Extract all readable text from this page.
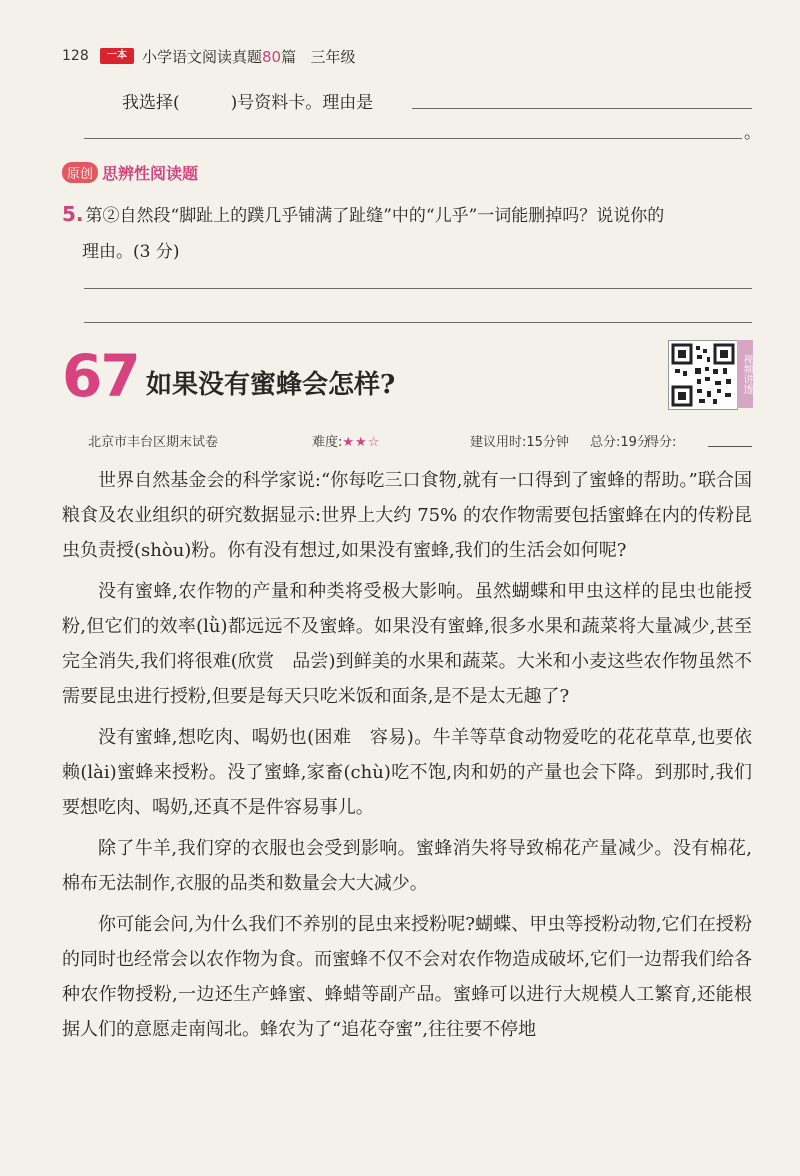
128	一本	小学语文阅读真题80篇 三年级
我选择(　　　)号资料卡。理由是
。
原创 思辨性阅读题
5. 第②自然段“脚趾上的蹼几乎铺满了趾缝”中的“儿乎”一词能删掉吗？说说你的
理由。(3 分)
67 如果没有蜜蜂会怎样?	视频讲透
北京市丰台区期末试卷	难度:★★☆	建议用时:15分钟 总分:19分
得分:

世界自然基金会的科学家说:“你每吃三口食物,就有一口得到了蜜蜂的帮助。”联合国粮食及农业组织的研究数据显示:世界上大约 75% 的农作物需要包括蜜蜂在内的传粉昆虫负责授(shòu)粉。你有没有想过,如果没有蜜蜂,我们的生活会如何呢?

没有蜜蜂,农作物的产量和种类将受极大影响。虽然蝴蝶和甲虫这样的昆虫也能授粉,但它们的效率(lǜ)都远远不及蜜蜂。如果没有蜜蜂,很多水果和蔬菜将大量减少,甚至完全消失,我们将很难(欣赏　品尝)到鲜美的水果和蔬菜。大米和小麦这些农作物虽然不需要昆虫进行授粉,但要是每天只吃米饭和面条,是不是太无趣了?

没有蜜蜂,想吃肉、喝奶也(困难　容易)。牛羊等草食动物爱吃的花花草草,也要依赖(lài)蜜蜂来授粉。没了蜜蜂,家畜(chù)吃不饱,肉和奶的产量也会下降。到那时,我们要想吃肉、喝奶,还真不是件容易事儿。

除了牛羊,我们穿的衣服也会受到影响。蜜蜂消失将导致棉花产量减少。没有棉花,棉布无法制作,衣服的品类和数量会大大减少。

你可能会问,为什么我们不养别的昆虫来授粉呢?蝴蝶、甲虫等授粉动物,它们在授粉的同时也经常会以农作物为食。而蜜蜂不仅不会对农作物造成破坏,它们一边帮我们给各种农作物授粉,一边还生产蜂蜜、蜂蜡等副产品。蜜蜂可以进行大规模人工繁育,还能根据人们的意愿走南闯北。蜂农为了“追花夺蜜”,往往要不停地
